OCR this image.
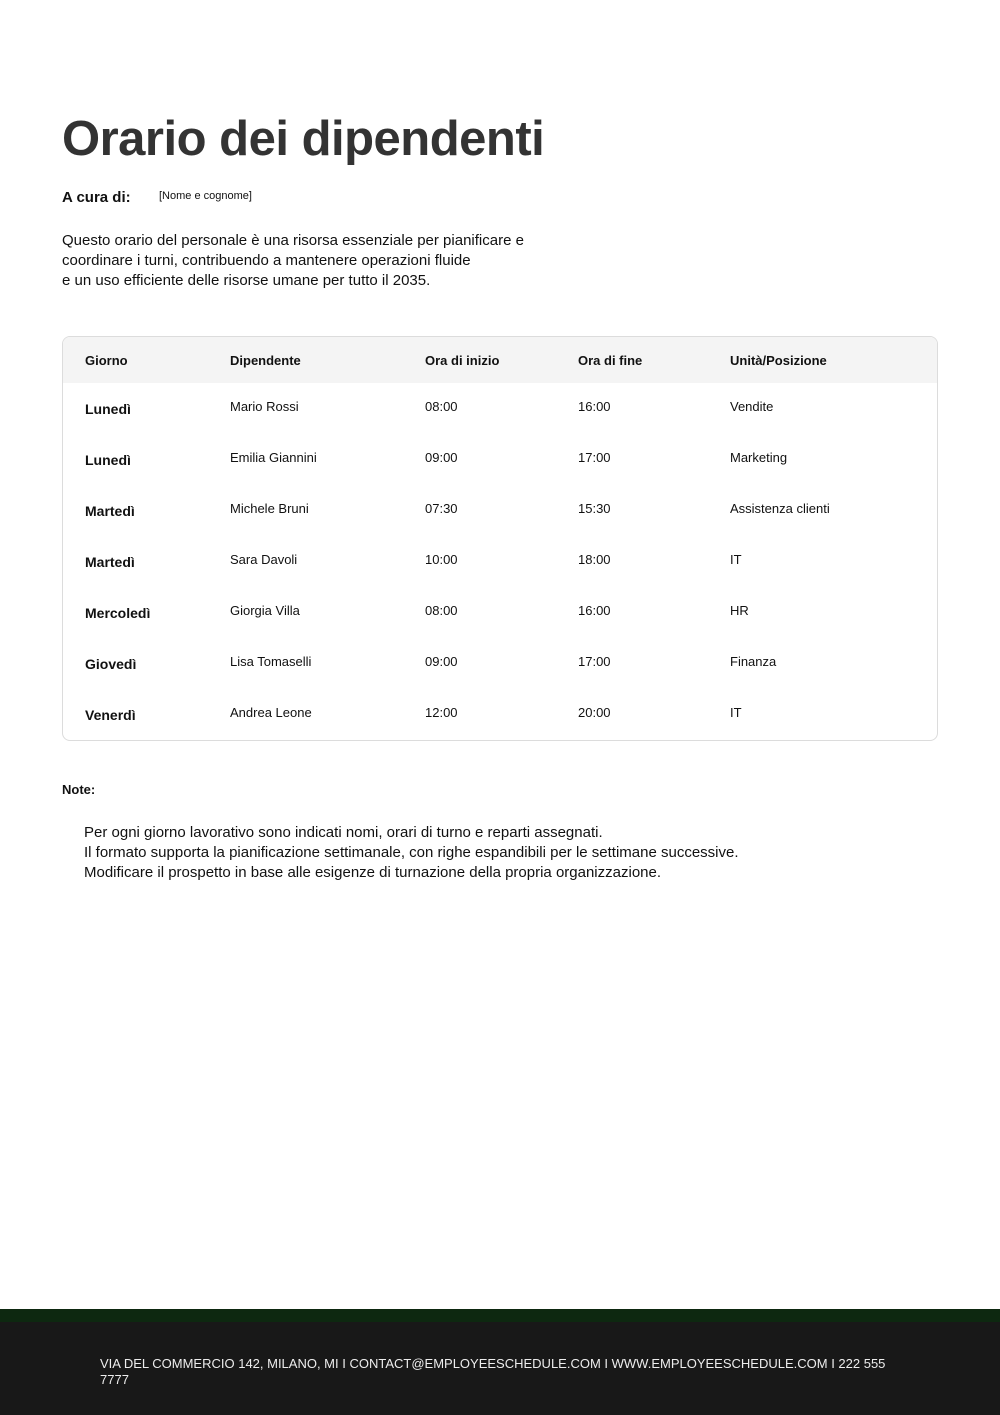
Orario dei dipendenti
A cura di:	[Nome e cognome]
Questo orario del personale è una risorsa essenziale per pianificare e
coordinare i turni, contribuendo a mantenere operazioni fluide
e un uso efficiente delle risorse umane per tutto il 2035.
Giorno	Dipendente	Ora di inizio	Ora di fine	Unità/Posizione
Lunedì	Mario Rossi	08:00	16:00	Vendite
Lunedì	Emilia Giannini	09:00	17:00	Marketing
Martedì	Michele Bruni	07:30	15:30	Assistenza clienti
Martedì	Sara Davoli	10:00	18:00	IT
Mercoledì	Giorgia Villa	08:00	16:00	HR
Giovedì	Lisa Tomaselli	09:00	17:00	Finanza
Venerdì	Andrea Leone	12:00	20:00	IT
Note:
Per ogni giorno lavorativo sono indicati nomi, orari di turno e reparti assegnati.
Il formato supporta la pianificazione settimanale, con righe espandibili per le settimane successive.
Modificare il prospetto in base alle esigenze di turnazione della propria organizzazione.
VIA DEL COMMERCIO 142, MILANO, MI I CONTACT@EMPLOYEESCHEDULE.COM I WWW.EMPLOYEESCHEDULE.COM I 222 555 7777
